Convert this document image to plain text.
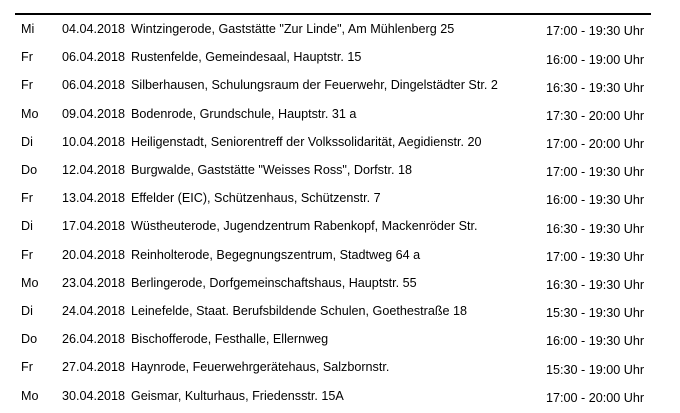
Mi 04.04.2018 Wintzingerode, Gaststätte "Zur Linde", Am Mühlenberg 25	17:00 - 19:30 Uhr
Fr 06.04.2018 Rustenfelde, Gemeindesaal, Hauptstr. 15	16:00 - 19:00 Uhr
Fr 06.04.2018 Silberhausen, Schulungsraum der Feuerwehr, Dingelstädter Str. 2	16:30 - 19:30 Uhr
Mo 09.04.2018 Bodenrode, Grundschule, Hauptstr. 31 a	17:30 - 20:00 Uhr
Di 10.04.2018 Heiligenstadt, Seniorentreff der Volkssolidarität, Aegidienstr. 20	17:00 - 20:00 Uhr
Do 12.04.2018 Burgwalde, Gaststätte "Weisses Ross", Dorfstr. 18	17:00 - 19:30 Uhr
Fr 13.04.2018 Effelder (EIC), Schützenhaus, Schützenstr. 7	16:00 - 19:30 Uhr
Di 17.04.2018 Wüstheuterode, Jugendzentrum Rabenkopf, Mackenröder Str.	16:30 - 19:30 Uhr
Fr 20.04.2018 Reinholterode, Begegnungszentrum, Stadtweg 64 a	17:00 - 19:30 Uhr
Mo 23.04.2018 Berlingerode, Dorfgemeinschaftshaus, Hauptstr. 55	16:30 - 19:30 Uhr
Di 24.04.2018 Leinefelde, Staat. Berufsbildende Schulen, Goethestraße 18	15:30 - 19:30 Uhr
Do 26.04.2018 Bischofferode, Festhalle, Ellernweg	16:00 - 19:30 Uhr
Fr 27.04.2018 Haynrode, Feuerwehrgerätehaus, Salzbornstr.	15:30 - 19:00 Uhr
Mo 30.04.2018 Geismar, Kulturhaus, Friedensstr. 15A	17:00 - 20:00 Uhr
